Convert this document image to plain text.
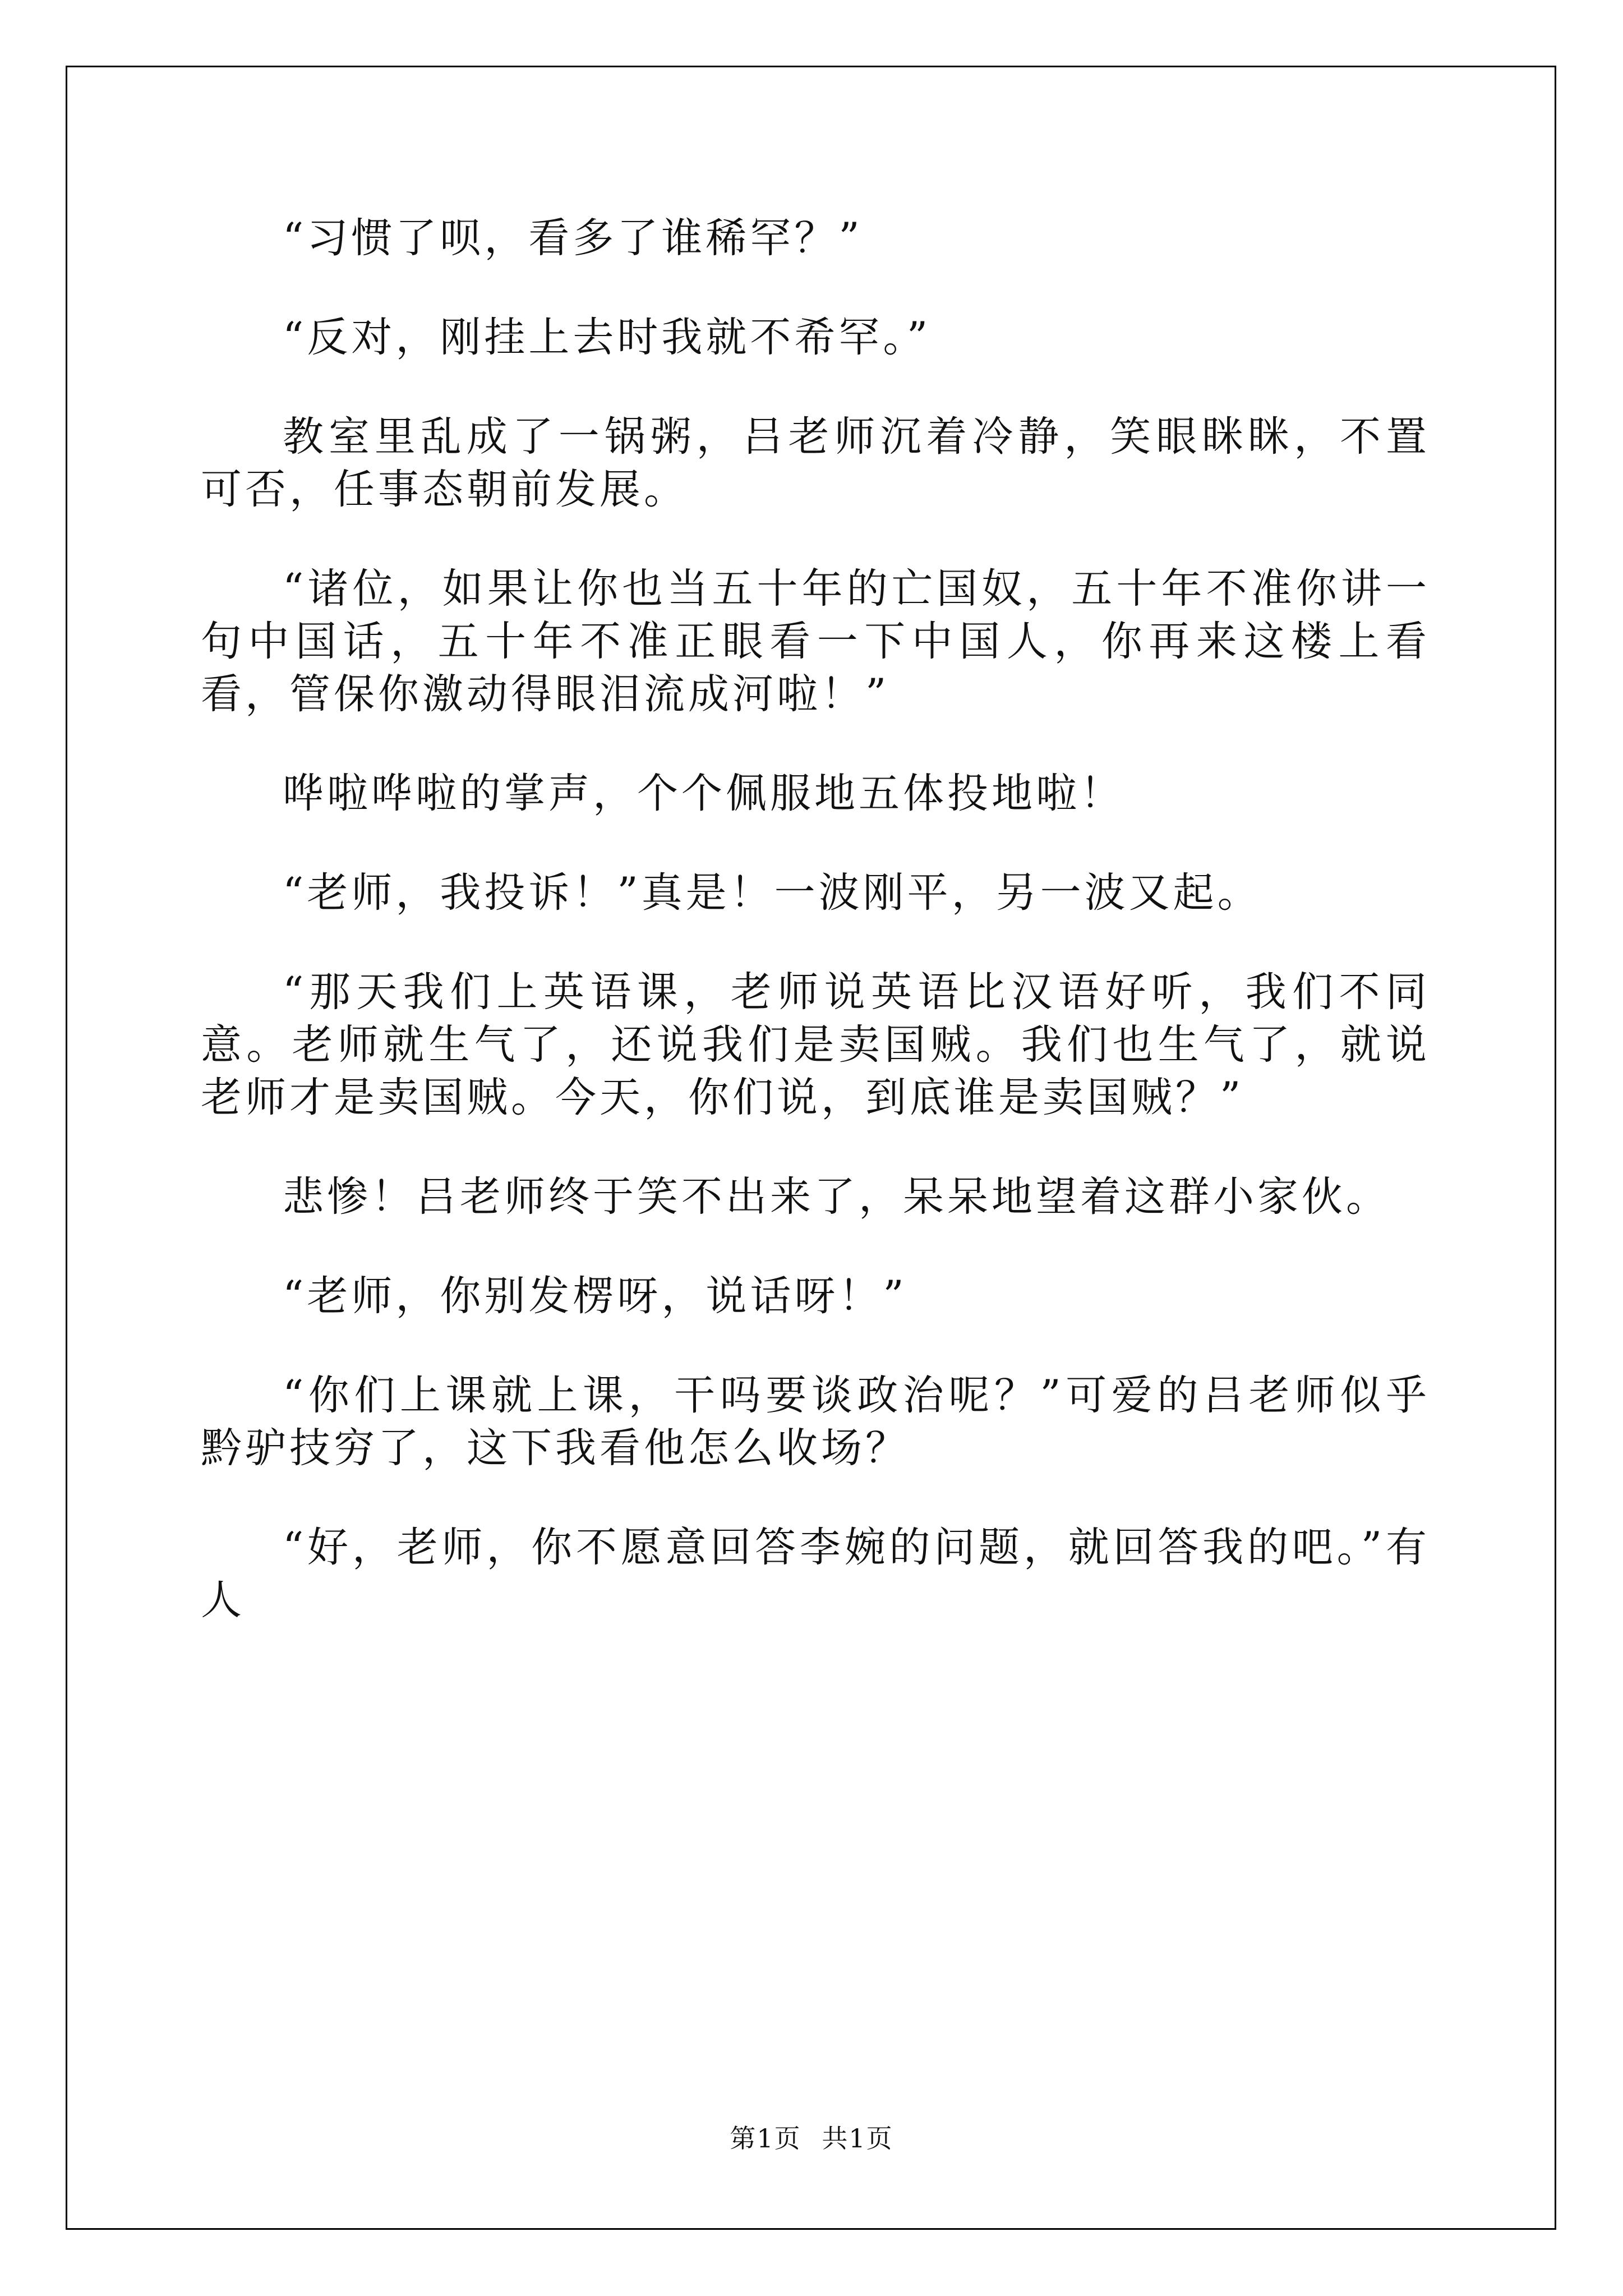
“习惯了呗，看多了谁稀罕？”

“反对，刚挂上去时我就不希罕。”

教室里乱成了一锅粥，吕老师沉着冷静，笑眼眯眯，不置可否，任事态朝前发展。

“诸位，如果让你也当五十年的亡国奴，五十年不准你讲一句中国话，五十年不准正眼看一下中国人，你再来这楼上看看，管保你激动得眼泪流成河啦！”

哗啦哗啦的掌声，个个佩服地五体投地啦！

“老师，我投诉！”真是！一波刚平，另一波又起。

“那天我们上英语课，老师说英语比汉语好听，我们不同意。老师就生气了，还说我们是卖国贼。我们也生气了，就说老师才是卖国贼。今天，你们说，到底谁是卖国贼？”

悲惨！吕老师终于笑不出来了，呆呆地望着这群小家伙。

“老师，你别发楞呀，说话呀！”

“你们上课就上课，干吗要谈政治呢？”可爱的吕老师似乎黔驴技穷了，这下我看他怎么收场？

“好，老师，你不愿意回答李婉的问题，就回答我的吧。”有人

第1页 共1页
